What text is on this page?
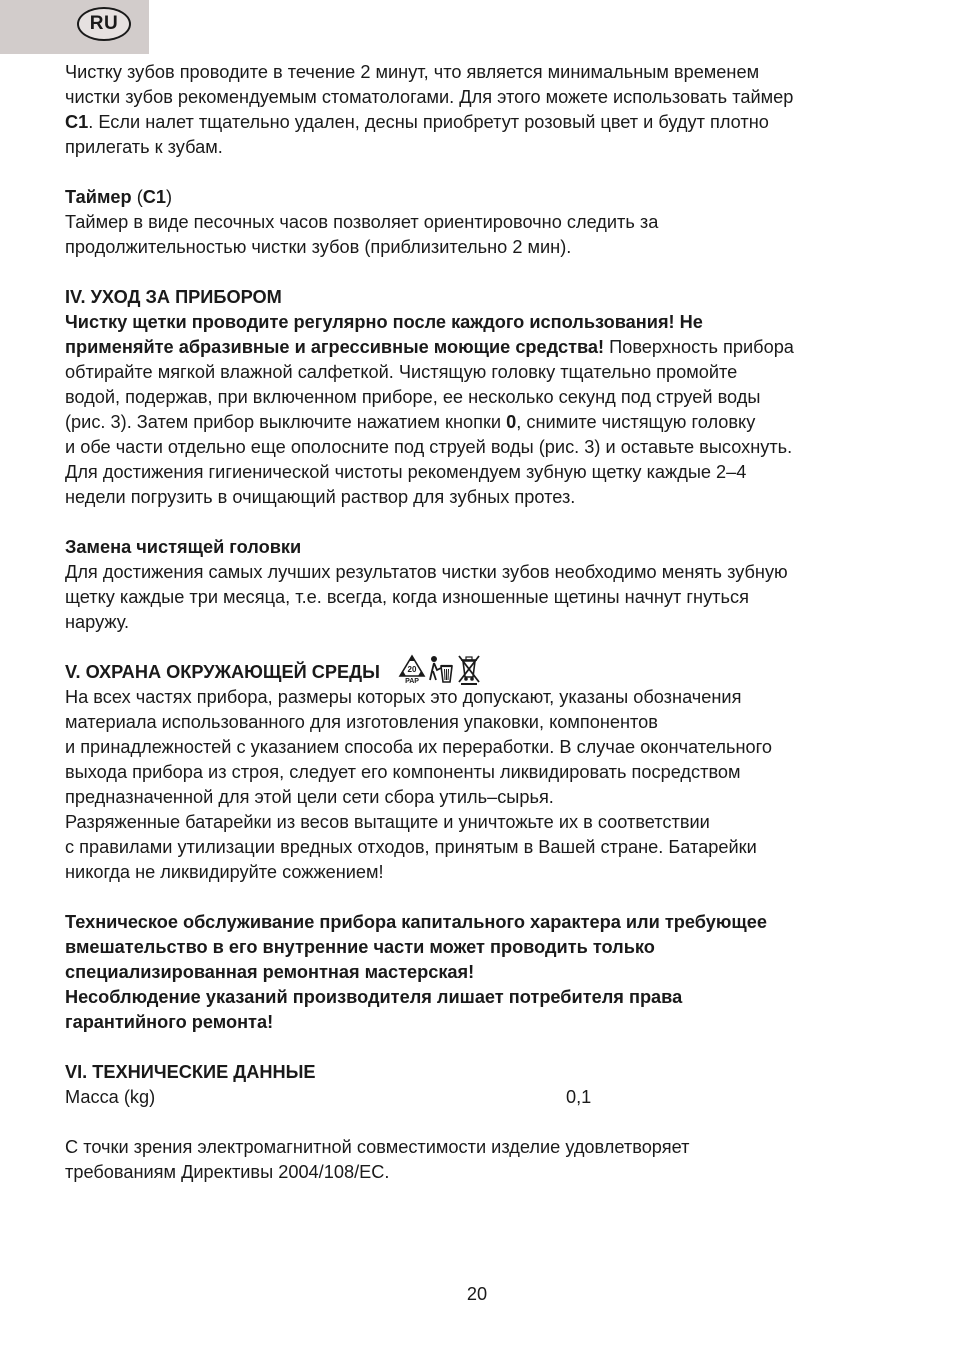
RU

Чистку зубов проводите в течение 2 минут, что является минимальным временем

чистки зубов рекомендуемым стоматологами. Для этого можете использовать таймер

C1. Если налет тщательно удален, десны приобретут розовый цвет и будут плотно

прилегать к зубам.

Таймер (C1)

Таймер в виде песочных часов позволяет ориентировочно следить за

продолжительностью чистки зубов (приблизительно 2 мин).

IV. УХОД ЗА ПРИБОРОМ

Чистку щетки проводите регулярно после каждого использования! Не

применяйте абразивные и агрессивные моющие средства! Поверхность прибора

обтирайте мягкой влажной салфеткой. Чистящую головку тщательно промойте

водой, подержав, при включенном приборе, ее несколько секунд под струей воды

(рис. 3). Затем прибор выключите нажатием кнопки 0, снимите чистящую головку

и обе части отдельно еще ополосните под струей воды (рис. 3) и оставьте высохнуть.

Для достижения гигиенической чистоты рекомендуем зубную щетку каждые 2–4

недели погрузить в очищающий раствор для зубных протез.

Замена чистящей головки

Для достижения самых лучших результатов чистки зубов необходимо менять зубную

щетку каждые три месяца, т.е. всегда, когда изношенные щетины начнут гнуться

наружу.

V. ОХРАНА ОКРУЖАЮЩЕЙ СРЕДЫ	20
PAP

На всех частях прибора, размеры которых это допускают, указаны обозначения

материала использованного для изготовления упаковки, компонентов

и принадлежностей с указанием способа их переработки. В случае окончательного

выхода прибора из строя, следует его компоненты ликвидировать посредством

предназначенной для этой цели сети сбора утиль–сырья.

Разряженные батарейки из весов вытащите и уничтожьте их в соответствии

с правилами утилизации вредных отходов, принятым в Вашей стране. Батарейки

никогда не ликвидируйте сожжением!

Техническое обслуживание прибора капитального характера или требующее

вмешательство в его внутренние части может проводить только

специализированная ремонтная мастерская!

Несоблюдение указаний производителя лишает потребителя права

гарантийного ремонта!

VI. ТЕХНИЧЕСКИЕ ДАННЫЕ

Масса (kg)	0,1

С точки зрения электромагнитной совместимости изделие удовлетворяет

требованиям Директивы 2004/108/EC.

20
